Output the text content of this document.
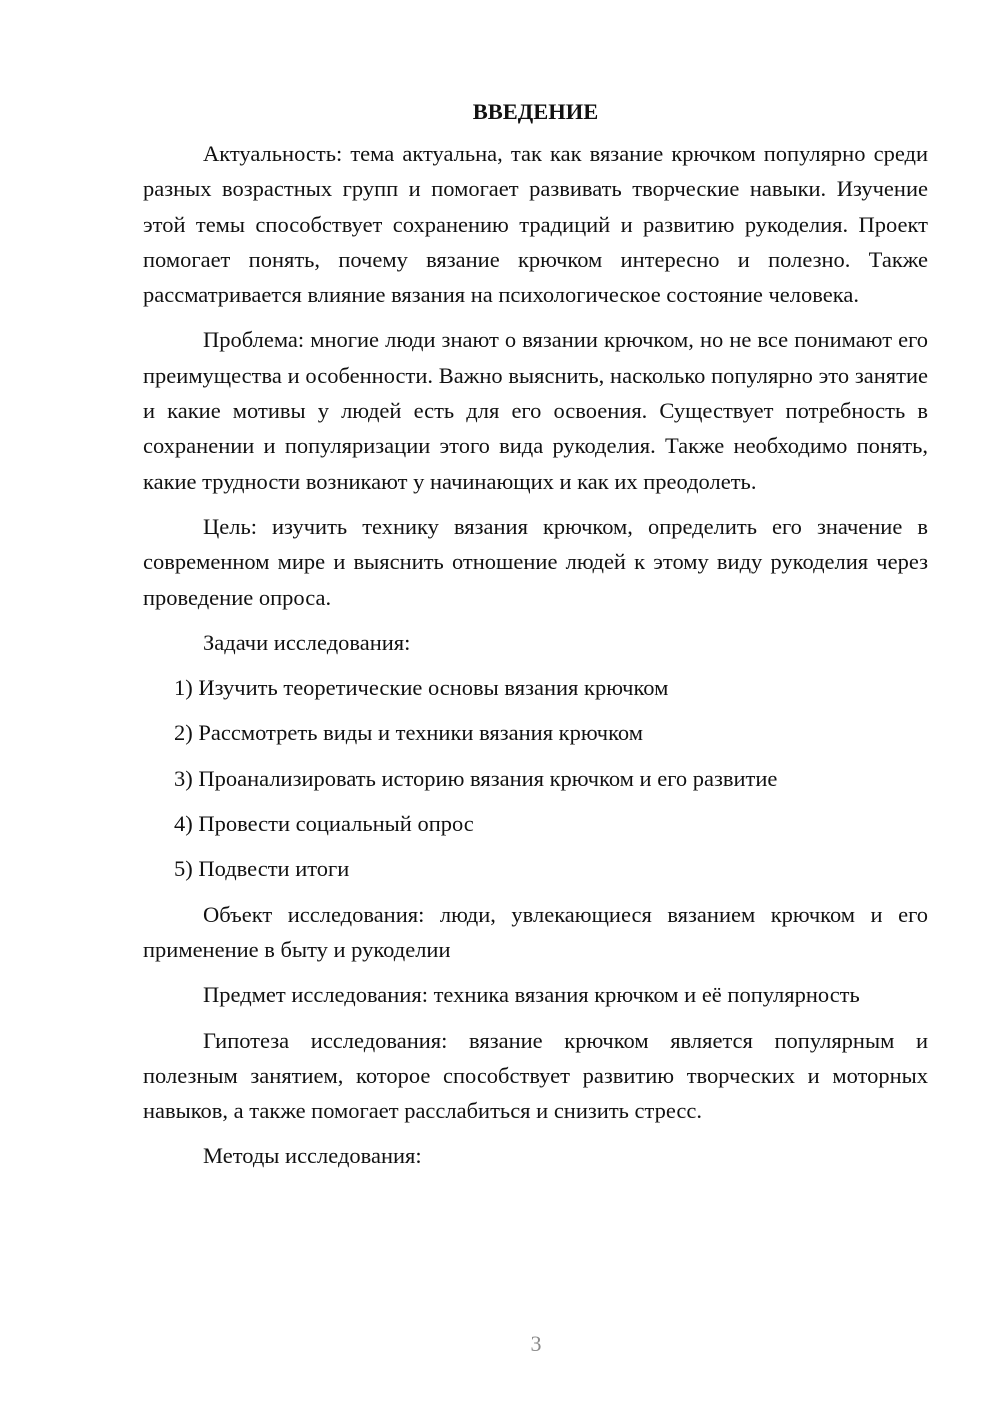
ВВЕДЕНИЕ

Актуальность: тема актуальна, так как вязание крючком популярно среди разных возрастных групп и помогает развивать творческие навыки. Изучение этой темы способствует сохранению традиций и развитию рукоделия. Проект помогает понять, почему вязание крючком интересно и полезно. Также рассматривается влияние вязания на психологическое состояние человека.

Проблема: многие люди знают о вязании крючком, но не все понимают его преимущества и особенности. Важно выяснить, насколько популярно это занятие и какие мотивы у людей есть для его освоения. Существует потребность в сохранении и популяризации этого вида рукоделия. Также необходимо понять, какие трудности возникают у начинающих и как их преодолеть.

Цель: изучить технику вязания крючком, определить его значение в современном мире и выяснить отношение людей к этому виду рукоделия через проведение опроса.

Задачи исследования:

1) Изучить теоретические основы вязания крючком
2) Рассмотреть виды и техники вязания крючком
3) Проанализировать историю вязания крючком и его развитие
4) Провести социальный опрос
5) Подвести итоги

Объект исследования: люди, увлекающиеся вязанием крючком и его применение в быту и рукоделии

Предмет исследования: техника вязания крючком и её популярность

Гипотеза исследования: вязание крючком является популярным и полезным занятием, которое способствует развитию творческих и моторных навыков, а также помогает расслабиться и снизить стресс.

Методы исследования:

3
